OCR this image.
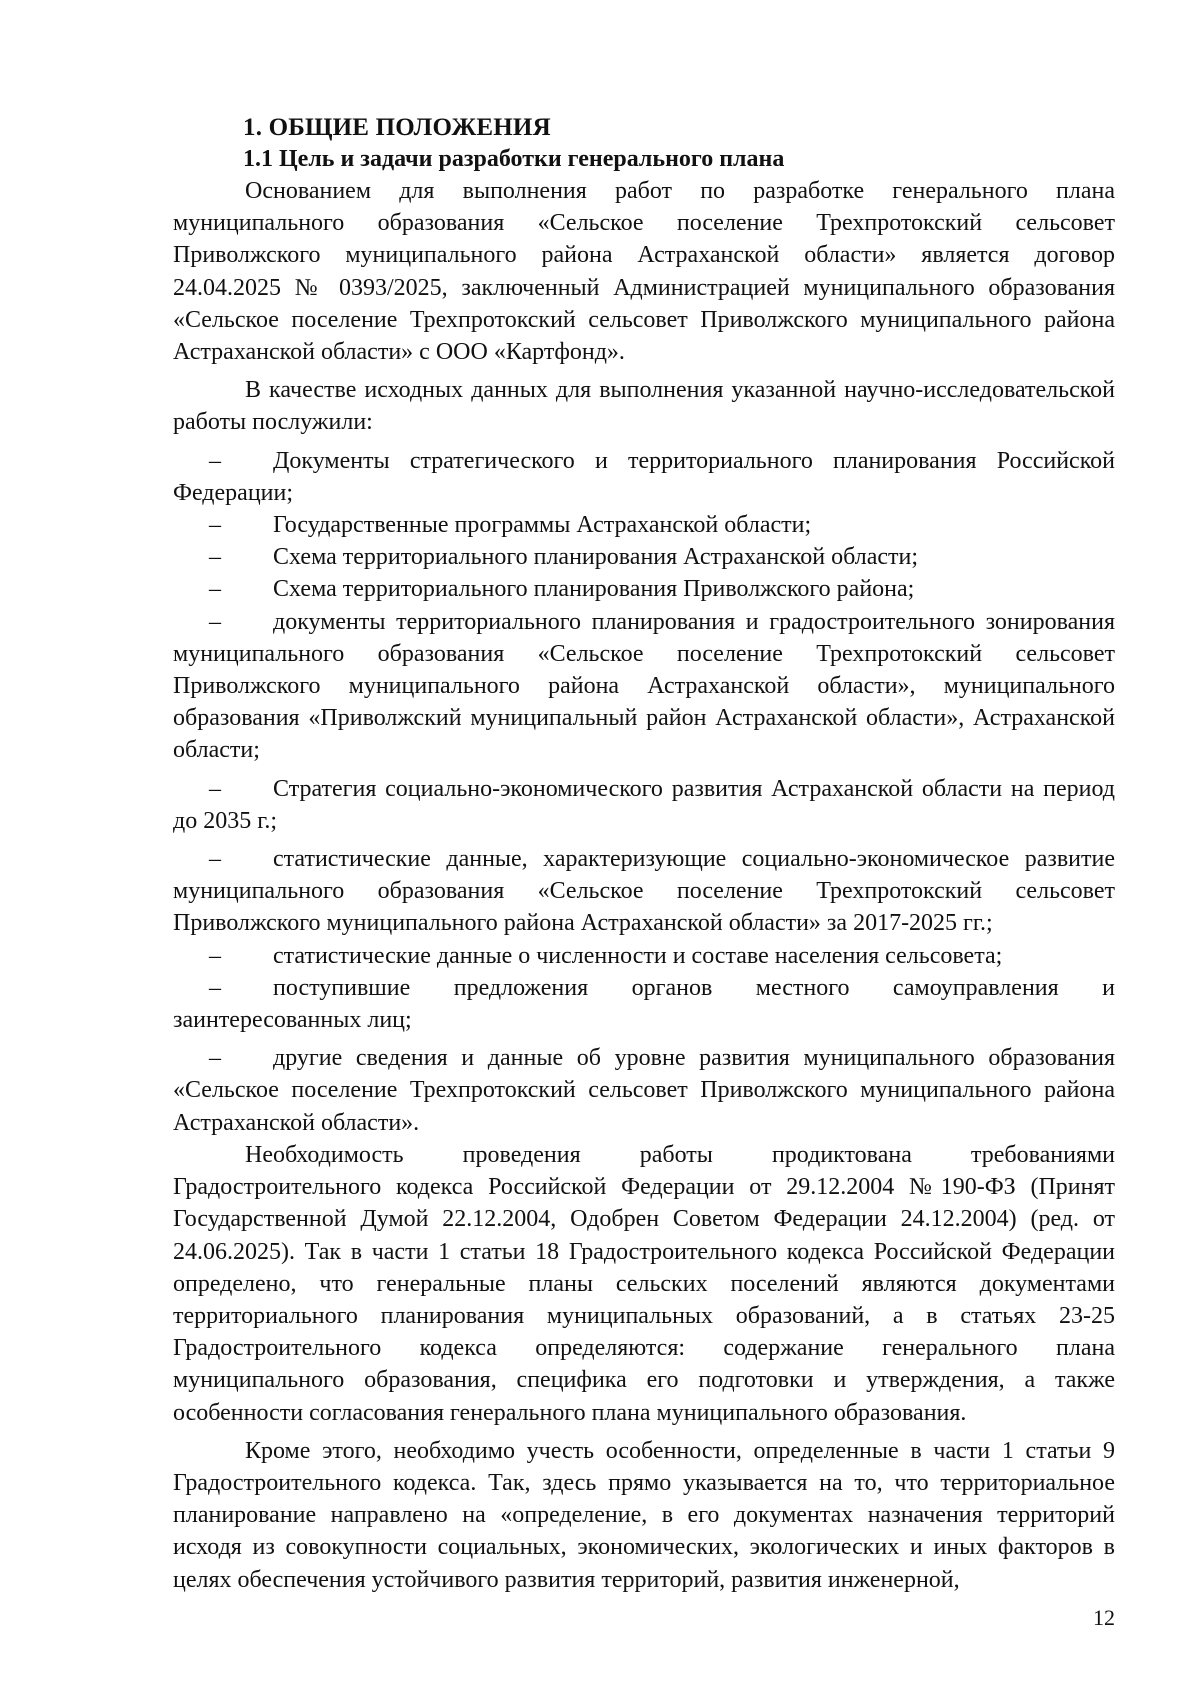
1. ОБЩИЕ ПОЛОЖЕНИЯ
1.1 Цель и задачи разработки генерального плана

Основанием для выполнения работ по разработке генерального плана муниципального образования «Сельское поселение Трехпротокский сельсовет Приволжского муниципального района Астраханской области» является договор 24.04.2025 № 0393/2025, заключенный Администрацией муниципального образования «Сельское поселение Трехпротокский сельсовет Приволжского муниципального района Астраханской области» с ООО «Картфонд».

В качестве исходных данных для выполнения указанной научно-исследовательской работы послужили:

– Документы стратегического и территориального планирования Российской Федерации;

– Государственные программы Астраханской области;

– Схема территориального планирования Астраханской области;

– Схема территориального планирования Приволжского района;

– документы территориального планирования и градостроительного зонирования муниципального образования «Сельское поселение Трехпротокский сельсовет Приволжского муниципального района Астраханской области», муниципального образования «Приволжский муниципальный район Астраханской области», Астраханской области;

– Стратегия социально-экономического развития Астраханской области на период до 2035 г.;

– статистические данные, характеризующие социально-экономическое развитие муниципального образования «Сельское поселение Трехпротокский сельсовет Приволжского муниципального района Астраханской области» за 2017-2025 гг.;

– статистические данные о численности и составе населения сельсовета;

– поступившие предложения органов местного самоуправления и заинтересованных лиц;

– другие сведения и данные об уровне развития муниципального образования «Сельское поселение Трехпротокский сельсовет Приволжского муниципального района Астраханской области».

Необходимость проведения работы продиктована требованиями Градостроительного кодекса Российской Федерации от 29.12.2004 №190-ФЗ (Принят Государственной Думой 22.12.2004, Одобрен Советом Федерации 24.12.2004) (ред. от 24.06.2025). Так в части 1 статьи 18 Градостроительного кодекса Российской Федерации определено, что генеральные планы сельских поселений являются документами территориального планирования муниципальных образований, а в статьях 23-25 Градостроительного кодекса определяются: содержание генерального плана муниципального образования, специфика его подготовки и утверждения, а также особенности согласования генерального плана муниципального образования.

Кроме этого, необходимо учесть особенности, определенные в части 1 статьи 9 Градостроительного кодекса. Так, здесь прямо указывается на то, что территориальное планирование направлено на «определение, в его документах назначения территорий исходя из совокупности социальных, экономических, экологических и иных факторов в целях обеспечения устойчивого развития территорий, развития инженерной,

12
